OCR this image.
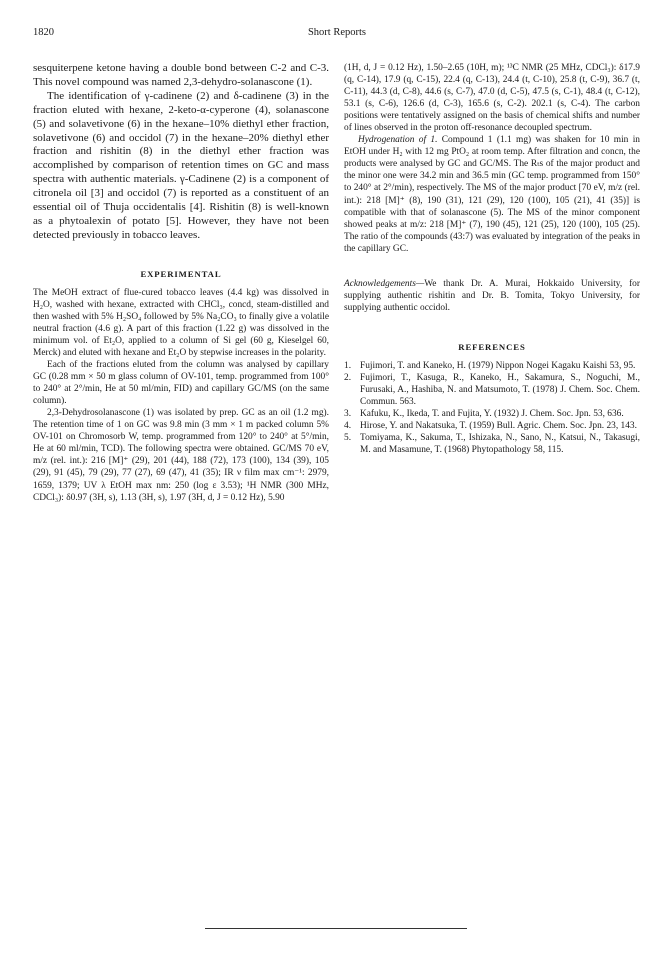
1820	Short Reports

sesquiterpene ketone having a double bond between C-2 and C-3. This novel compound was named 2,3-dehydro-solanascone (1).

The identification of γ-cadinene (2) and δ-cadinene (3) in the fraction eluted with hexane, 2-keto-α-cyperone (4), solanascone (5) and solavetivone (6) in the hexane–10% diethyl ether fraction, solavetivone (6) and occidol (7) in the hexane–20% diethyl ether fraction and rishitin (8) in the diethyl ether fraction was accomplished by comparison of retention times on GC and mass spectra with authentic materials. γ-Cadinene (2) is a component of citronela oil [3] and occidol (7) is reported as a constituent of an essential oil of Thuja occidentalis [4]. Rishitin (8) is well-known as a phytoalexin of potato [5]. However, they have not been detected previously in tobacco leaves.

EXPERIMENTAL

The MeOH extract of flue-cured tobacco leaves (4.4 kg) was dissolved in H₂O, washed with hexane, extracted with CHCl₃, concd, steam-distilled and then washed with 5% H₂SO₄ followed by 5% Na₂CO₃ to finally give a volatile neutral fraction (4.6 g). A part of this fraction (1.22 g) was dissolved in the minimum vol. of Et₂O, applied to a column of Si gel (60 g, Kieselgel 60, Merck) and eluted with hexane and Et₂O by stepwise increases in the polarity.

Each of the fractions eluted from the column was analysed by capillary GC (0.28 mm × 50 m glass column of OV-101, temp. programmed from 100° to 240° at 2°/min, He at 50 ml/min, FID) and capillary GC/MS (on the same column).

2,3-Dehydrosolanascone (1) was isolated by prep. GC as an oil (1.2 mg). The retention time of 1 on GC was 9.8 min (3 mm × 1 m packed column 5% OV-101 on Chromosorb W, temp. programmed from 120° to 240° at 5°/min, He at 60 ml/min, TCD). The following spectra were obtained. GC/MS 70 eV, m/z (rel. int.): 216 [M]⁺ (29), 201 (44), 188 (72), 173 (100), 134 (39), 105 (29), 91 (45), 79 (29), 77 (27), 69 (47), 41 (35); IR ν film max cm⁻¹: 2979, 1659, 1379; UV λ EtOH max nm: 250 (log ε 3.53); ¹H NMR (300 MHz, CDCl₃): δ0.97 (3H, s), 1.13 (3H, s), 1.97 (3H, d, J = 0.12 Hz), 5.90

(1H, d, J = 0.12 Hz), 1.50–2.65 (10H, m); ¹³C NMR (25 MHz, CDCl₃): δ17.9 (q, C-14), 17.9 (q, C-15), 22.4 (q, C-13), 24.4 (t, C-10), 25.8 (t, C-9), 36.7 (t, C-11), 44.3 (d, C-8), 44.6 (s, C-7), 47.0 (d, C-5), 47.5 (s, C-1), 48.4 (t, C-12), 53.1 (s, C-6), 126.6 (d, C-3), 165.6 (s, C-2). 202.1 (s, C-4). The carbon positions were tentatively assigned on the basis of chemical shifts and number of lines observed in the proton off-resonance decoupled spectrum.

Hydrogenation of 1. Compound 1 (1.1 mg) was shaken for 10 min in EtOH under H₂ with 12 mg PtO₂ at room temp. After filtration and concn, the products were analysed by GC and GC/MS. The Rₜs of the major product and the minor one were 34.2 min and 36.5 min (GC temp. programmed from 150° to 240° at 2°/min), respectively. The MS of the major product [70 eV, m/z (rel. int.): 218 [M]⁺ (8), 190 (31), 121 (29), 120 (100), 105 (21), 41 (35)] is compatible with that of solanascone (5). The MS of the minor component showed peaks at m/z: 218 [M]⁺ (7), 190 (45), 121 (25), 120 (100), 105 (25). The ratio of the compounds (43:7) was evaluated by integration of the peaks in the capillary GC.

Acknowledgements—We thank Dr. A. Murai, Hokkaido University, for supplying authentic rishitin and Dr. B. Tomita, Tokyo University, for supplying authentic occidol.

REFERENCES
1. Fujimori, T. and Kaneko, H. (1979) Nippon Nogei Kagaku Kaishi 53, 95.
2. Fujimori, T., Kasuga, R., Kaneko, H., Sakamura, S., Noguchi, M., Furusaki, A., Hashiba, N. and Matsumoto, T. (1978) J. Chem. Soc. Chem. Commun. 563.
3. Kafuku, K., Ikeda, T. and Fujita, Y. (1932) J. Chem. Soc. Jpn. 53, 636.
4. Hirose, Y. and Nakatsuka, T. (1959) Bull. Agric. Chem. Soc. Jpn. 23, 143.
5. Tomiyama, K., Sakuma, T., Ishizaka, N., Sano, N., Katsui, N., Takasugi, M. and Masamune, T. (1968) Phytopathology 58, 115.
